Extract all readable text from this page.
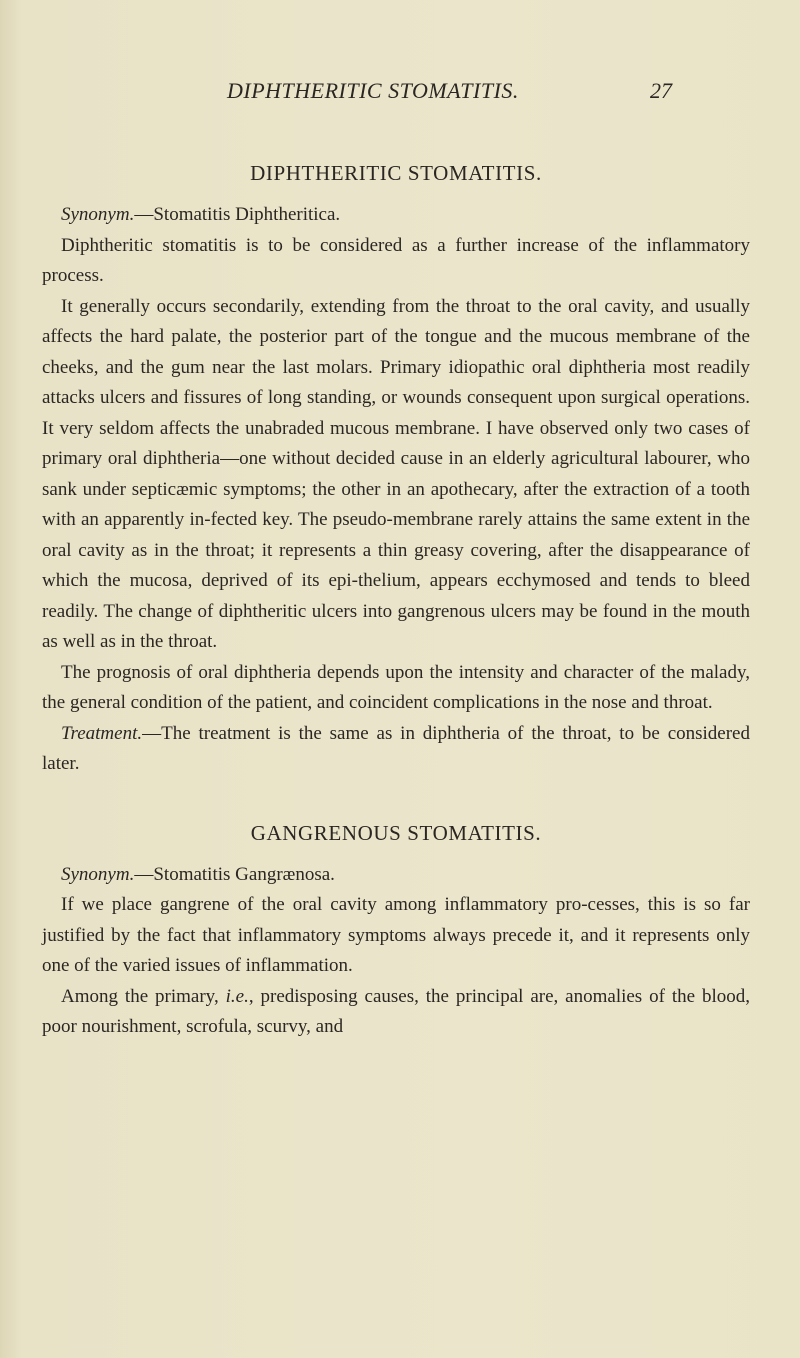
DIPHTHERITIC STOMATITIS.	27
DIPHTHERITIC STOMATITIS.

Synonym.—Stomatitis Diphtheritica.

Diphtheritic stomatitis is to be considered as a further increase of the inflammatory process.

It generally occurs secondarily, extending from the throat to the oral cavity, and usually affects the hard palate, the posterior part of the tongue and the mucous membrane of the cheeks, and the gum near the last molars. Primary idiopathic oral diphtheria most readily attacks ulcers and fissures of long standing, or wounds consequent upon surgical operations. It very seldom affects the unabraded mucous membrane. I have observed only two cases of primary oral diphtheria—one without decided cause in an elderly agricultural labourer, who sank under septicæmic symptoms; the other in an apothecary, after the extraction of a tooth with an apparently in-fected key. The pseudo-membrane rarely attains the same extent in the oral cavity as in the throat; it represents a thin greasy covering, after the disappearance of which the mucosa, deprived of its epi-thelium, appears ecchymosed and tends to bleed readily. The change of diphtheritic ulcers into gangrenous ulcers may be found in the mouth as well as in the throat.

The prognosis of oral diphtheria depends upon the intensity and character of the malady, the general condition of the patient, and coincident complications in the nose and throat.

Treatment.—The treatment is the same as in diphtheria of the throat, to be considered later.

GANGRENOUS STOMATITIS.

Synonym.—Stomatitis Gangrænosa.

If we place gangrene of the oral cavity among inflammatory pro-cesses, this is so far justified by the fact that inflammatory symptoms always precede it, and it represents only one of the varied issues of inflammation.

Among the primary, i.e., predisposing causes, the principal are, anomalies of the blood, poor nourishment, scrofula, scurvy, and
